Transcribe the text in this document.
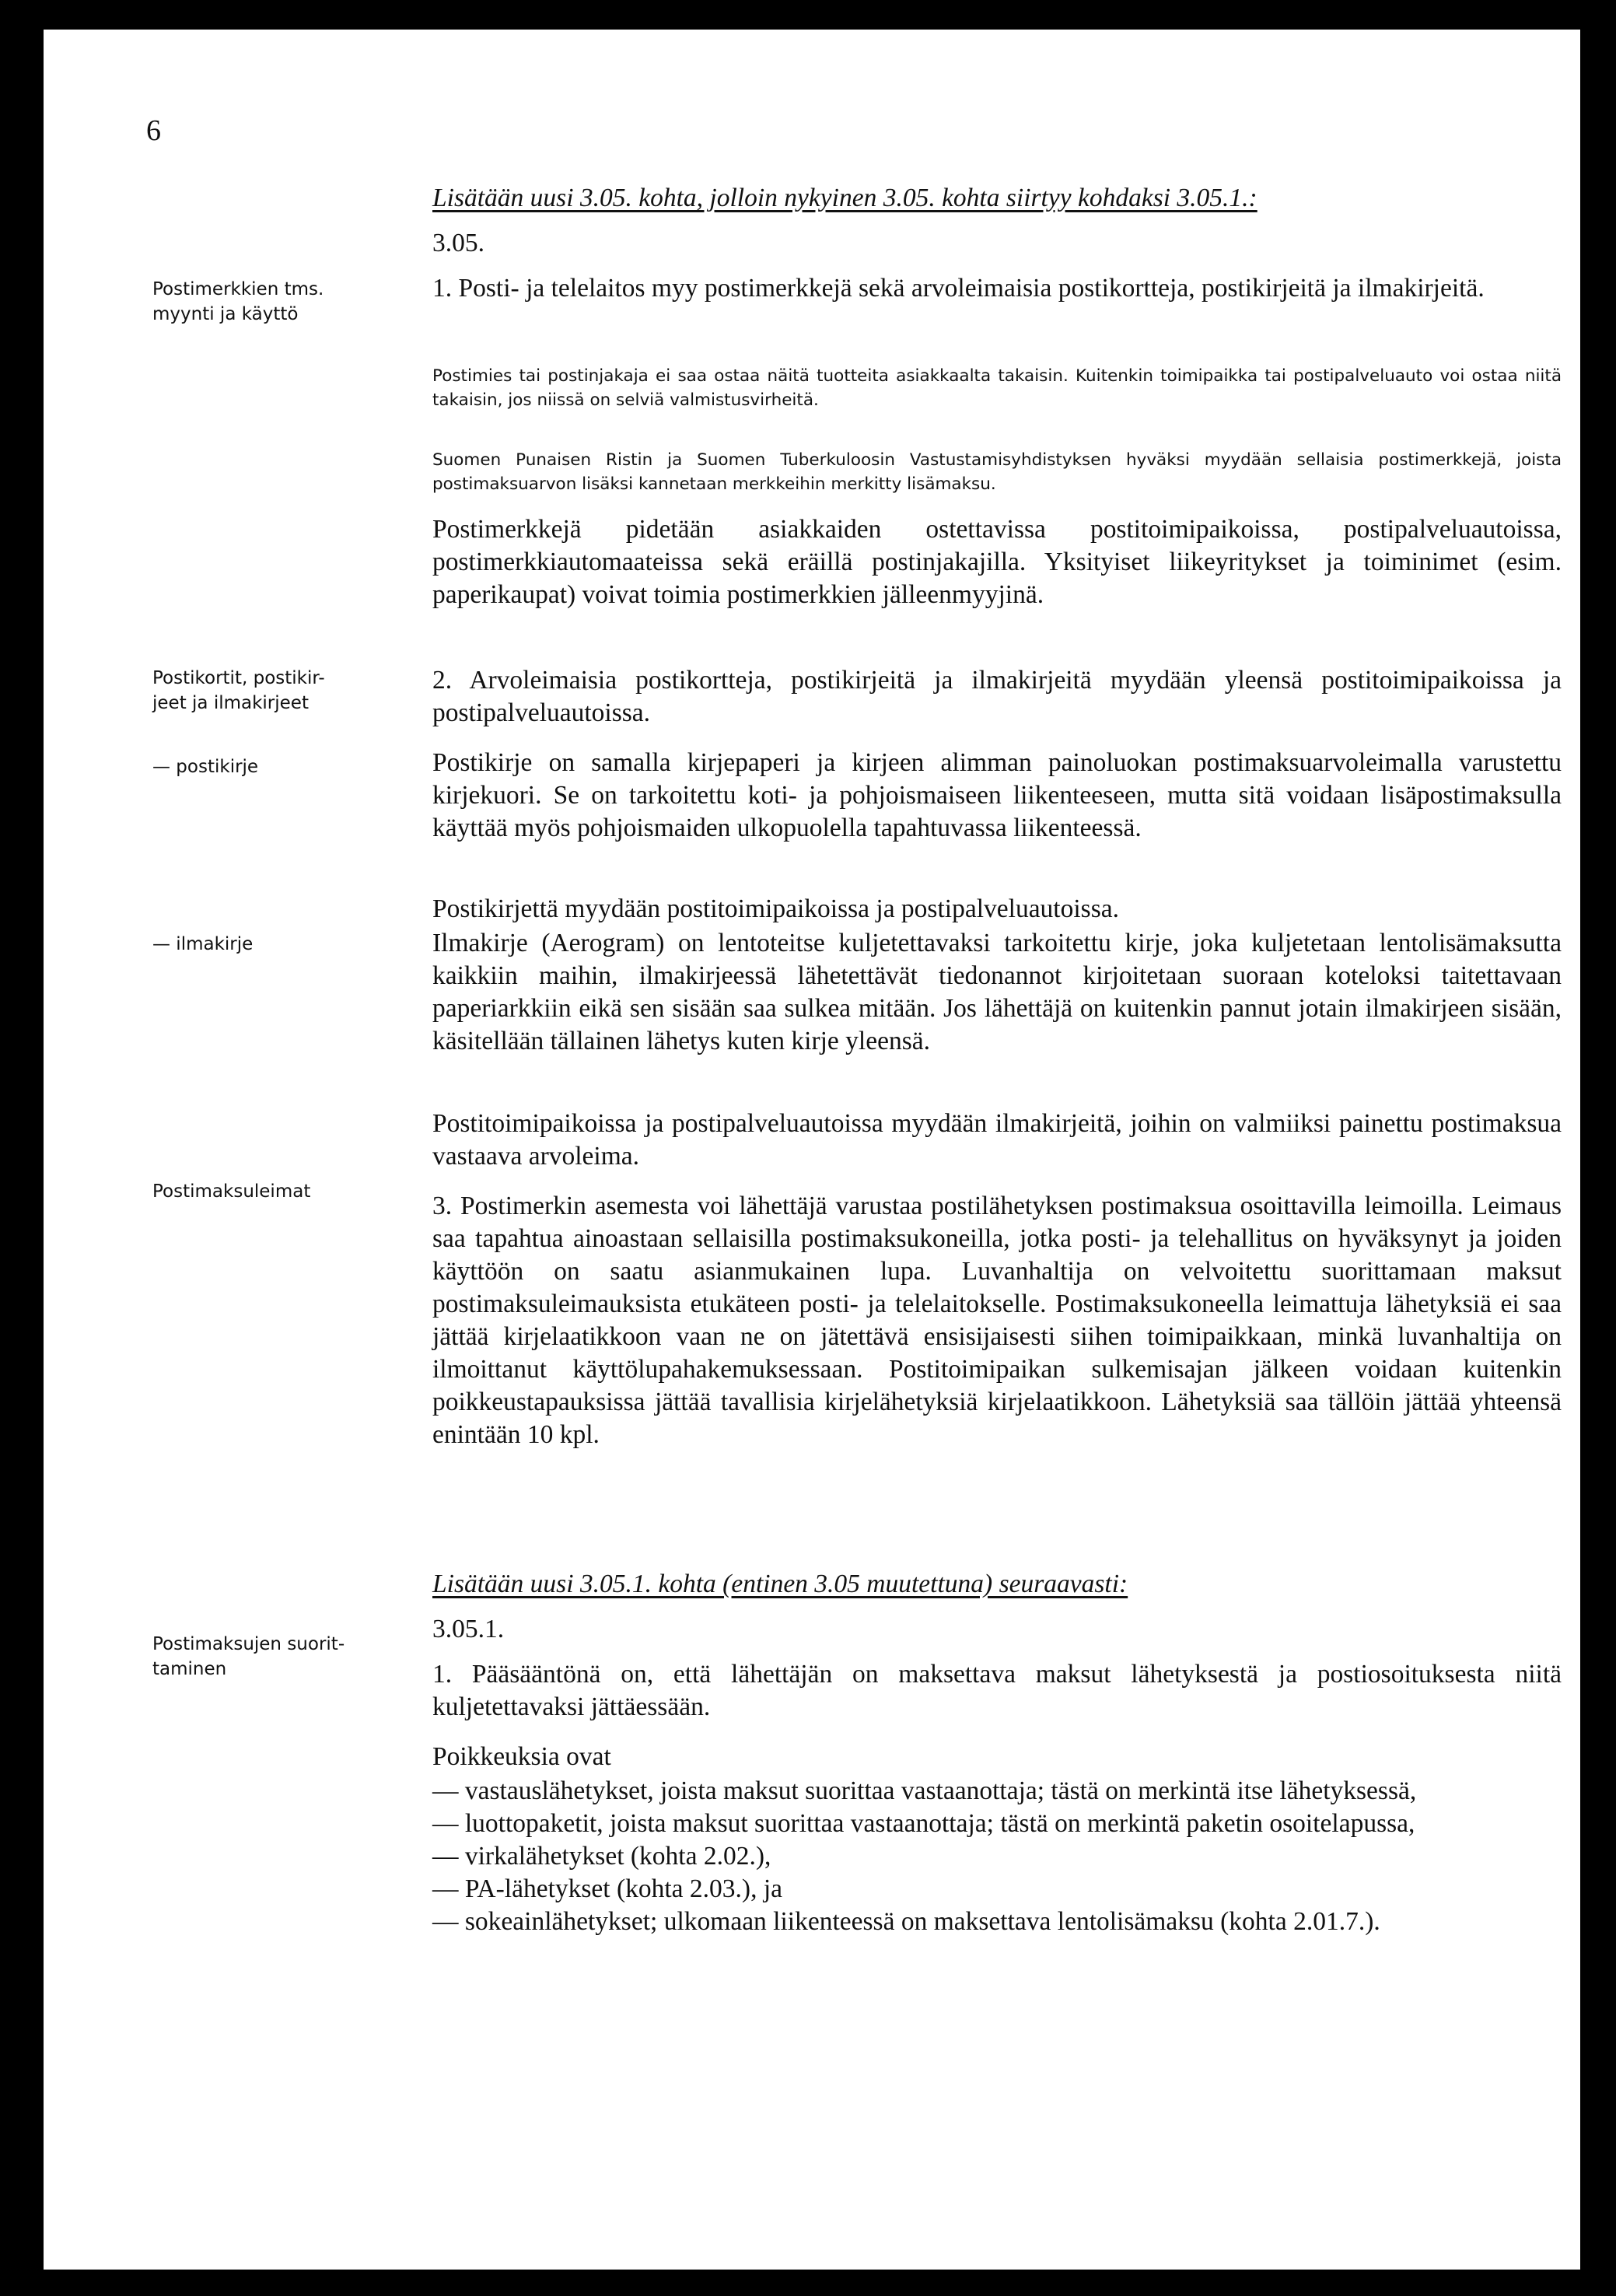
6
Postimerkkien tms.
myynti ja käyttö
Postikortit, postikir-
jeet ja ilmakirjeet
— postikirje
— ilmakirje
Postimaksuleimat
Postimaksujen suorit-
taminen
Lisätään uusi 3.05. kohta, jolloin nykyinen 3.05. kohta siirtyy kohdaksi 3.05.1.:
3.05.
1. Posti- ja telelaitos myy postimerkkejä sekä arvoleimaisia postikortteja, postikirjeitä ja ilmakirjeitä.
Postimies tai postinjakaja ei saa ostaa näitä tuotteita asiakkaalta takaisin. Kuitenkin toimipaikka tai postipalveluauto voi ostaa niitä takaisin, jos niissä on selviä valmistusvirheitä.
Suomen Punaisen Ristin ja Suomen Tuberkuloosin Vastustamisyhdistyksen hyväksi myydään sellaisia postimerkkejä, joista postimaksuarvon lisäksi kannetaan merkkeihin merkitty lisämaksu.
Postimerkkejä pidetään asiakkaiden ostettavissa postitoimipaikoissa, postipalveluautoissa, postimerkkiautomaateissa sekä eräillä postinjakajilla. Yksityiset liikeyritykset ja toiminimet (esim. paperikaupat) voivat toimia postimerkkien jälleenmyyjinä.
2. Arvoleimaisia postikortteja, postikirjeitä ja ilmakirjeitä myydään yleensä postitoimipaikoissa ja postipalveluautoissa.
Postikirje on samalla kirjepaperi ja kirjeen alimman painoluokan postimaksuarvoleimalla varustettu kirjekuori. Se on tarkoitettu koti- ja pohjoismaiseen liikenteeseen, mutta sitä voidaan lisäpostimaksulla käyttää myös pohjoismaiden ulkopuolella tapahtuvassa liikenteessä.
Postikirjettä myydään postitoimipaikoissa ja postipalveluautoissa.
Ilmakirje (Aerogram) on lentoteitse kuljetettavaksi tarkoitettu kirje, joka kuljetetaan lentolisämaksutta kaikkiin maihin, ilmakirjeessä lähetettävät tiedonannot kirjoitetaan suoraan koteloksi taitettavaan paperiarkkiin eikä sen sisään saa sulkea mitään. Jos lähettäjä on kuitenkin pannut jotain ilmakirjeen sisään, käsitellään tällainen lähetys kuten kirje yleensä.
Postitoimipaikoissa ja postipalveluautoissa myydään ilmakirjeitä, joihin on valmiiksi painettu postimaksua vastaava arvoleima.
3. Postimerkin asemesta voi lähettäjä varustaa postilähetyksen postimaksua osoittavilla leimoilla. Leimaus saa tapahtua ainoastaan sellaisilla postimaksukoneilla, jotka posti- ja telehallitus on hyväksynyt ja joiden käyttöön on saatu asianmukainen lupa. Luvanhaltija on velvoitettu suorittamaan maksut postimaksuleimauksista etukäteen posti- ja telelaitokselle. Postimaksukoneella leimattuja lähetyksiä ei saa jättää kirjelaatikkoon vaan ne on jätettävä ensisijaisesti siihen toimipaikkaan, minkä luvanhaltija on ilmoittanut käyttölupahakemuksessaan. Postitoimipaikan sulkemisajan jälkeen voidaan kuitenkin poikkeustapauksissa jättää tavallisia kirjelähetyksiä kirjelaatikkoon. Lähetyksiä saa tällöin jättää yhteensä enintään 10 kpl.
Lisätään uusi 3.05.1. kohta (entinen 3.05 muutettuna) seuraavasti:
3.05.1.
1. Pääsääntönä on, että lähettäjän on maksettava maksut lähetyksestä ja postiosoituksesta niitä kuljetettavaksi jättäessään.
Poikkeuksia ovat
— vastauslähetykset, joista maksut suorittaa vastaanottaja; tästä on merkintä itse lähetyksessä,
— luottopaketit, joista maksut suorittaa vastaanottaja; tästä on merkintä paketin osoitelapussa,
— virkalähetykset (kohta 2.02.),
— PA-lähetykset (kohta 2.03.), ja
— sokeainlähetykset; ulkomaan liikenteessä on maksettava lentolisämaksu (kohta 2.01.7.).
